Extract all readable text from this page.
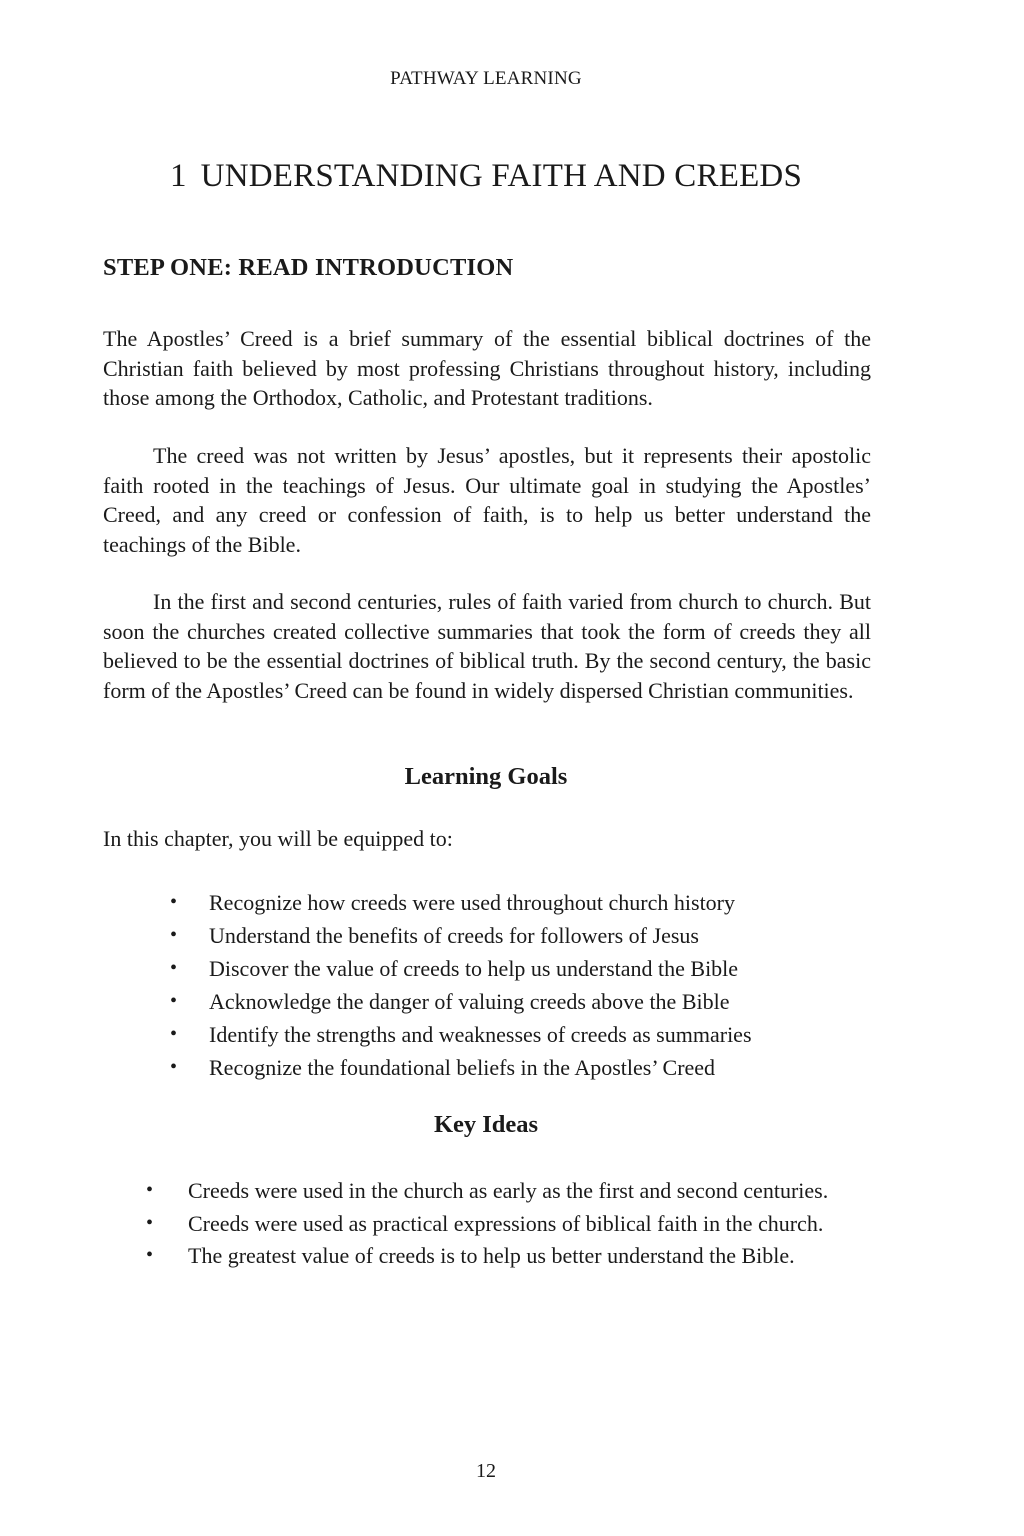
PATHWAY LEARNING
1 UNDERSTANDING FAITH AND CREEDS
STEP ONE: READ INTRODUCTION

The Apostles’ Creed is a brief summary of the essential biblical doctrines of the Christian faith believed by most professing Christians throughout history, including those among the Orthodox, Catholic, and Protestant traditions.

The creed was not written by Jesus’ apostles, but it represents their apostolic faith rooted in the teachings of Jesus. Our ultimate goal in studying the Apostles’ Creed, and any creed or confession of faith, is to help us better understand the teachings of the Bible.

In the first and second centuries, rules of faith varied from church to church. But soon the churches created collective summaries that took the form of creeds they all believed to be the essential doctrines of biblical truth. By the second century, the basic form of the Apostles’ Creed can be found in widely dispersed Christian communities.

Learning Goals
In this chapter, you will be equipped to:
• Recognize how creeds were used throughout church history
• Understand the benefits of creeds for followers of Jesus
• Discover the value of creeds to help us understand the Bible
• Acknowledge the danger of valuing creeds above the Bible
• Identify the strengths and weaknesses of creeds as summaries
• Recognize the foundational beliefs in the Apostles’ Creed
Key Ideas
• Creeds were used in the church as early as the first and second centuries.
• Creeds were used as practical expressions of biblical faith in the church.
• The greatest value of creeds is to help us better understand the Bible.
12
